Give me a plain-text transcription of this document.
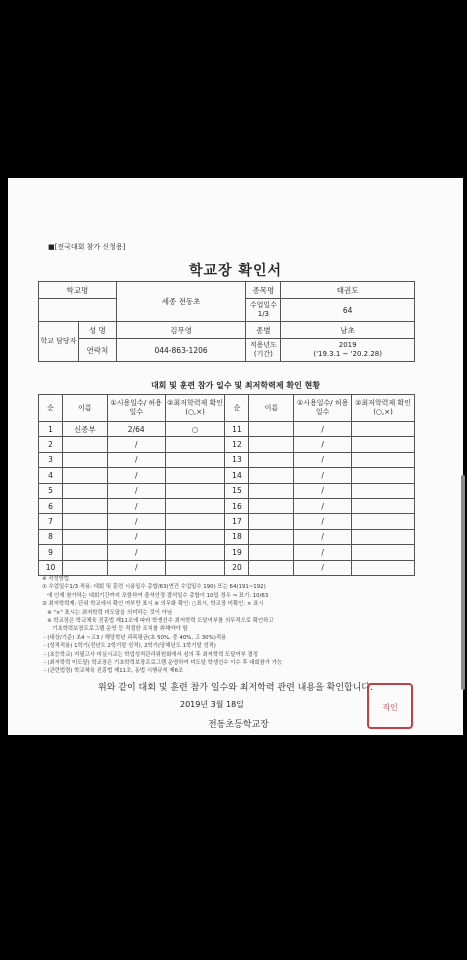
■[전국대회 참가 신청용]
학교장 확인서
학교명		세종 전동초	종목명	태권도
			수업일수 1/3	64
학교 담당자	성 명	김무영	종별	남초
	연락처	044-863-1206	적용년도 (기간)	2019
('19.3.1 ~ '20.2.28)
대회 및 훈련 참가 일수 및 최저학력제 확인 현황
순	이름	①시용일수/ 허용일수	②최저학력제 확인(○,×)	순	이름	①시용일수/ 허용일수	②최저학력제 확인(○,×)
1	신종부	2/64	○	11		/	
2		/		12		/	
3		/		13		/	
4		/		14		/	
5		/		15		/	
6		/		16		/	
7		/		17		/	
8		/		18		/	
9		/		19		/	
10		/		20		/	
※ 작성방법
① 수업일수1/3 적용: 대회 및 훈련 시용일수 총합/63(연간 수업일수 190) 또는 64(191~192)
에 인재 참가하는 대회기간까지 포함하여 출석인정 결석일수 총합이 10일 경우 ⇒ 표기: 10/63
② 최저학력제: 단위 학교에서 확인 여부만 표시 ※ 의무화 확인: ○표시, 학교장 미확인: × 표시
※ "×" 표시는 최저학력 미도달을 의미하는 것이 아님
※ 학교장은 학교체육 진흥법 제11조에 따라 학생선수 최저학력 도달여부를 의무적으로 확인하고
기초학력보장프로그램 운영 등 적절한 조치를 취해야야 함
- (대상/기준) 초4 ~고3 / 해당학년 과목평균(초 50%, 중 40%, 고 30%)적용
- (성적적용) 1학기(전년도 2학기말 성적), 2학기(당해년도 1학기말 성적)
- (초등학교) 지필고사 미실시교는 학업성적관리위원회에서 심의 후 최저학력 도달여부 결정
- (최저학력 미도달) 학교장은 기초학력보장프로그램 운영하여 미도달 학생선수 이수 후 대회참가 가능
- (관련법령) 학교체육 진흥법 제11조, 동법 시행규칙 제6조
위와 같이 대회 및 훈련 참가 일수와 최저학력 관련 내용을 확인합니다.
2019년 3월 18일
전동초등학교장
직인
